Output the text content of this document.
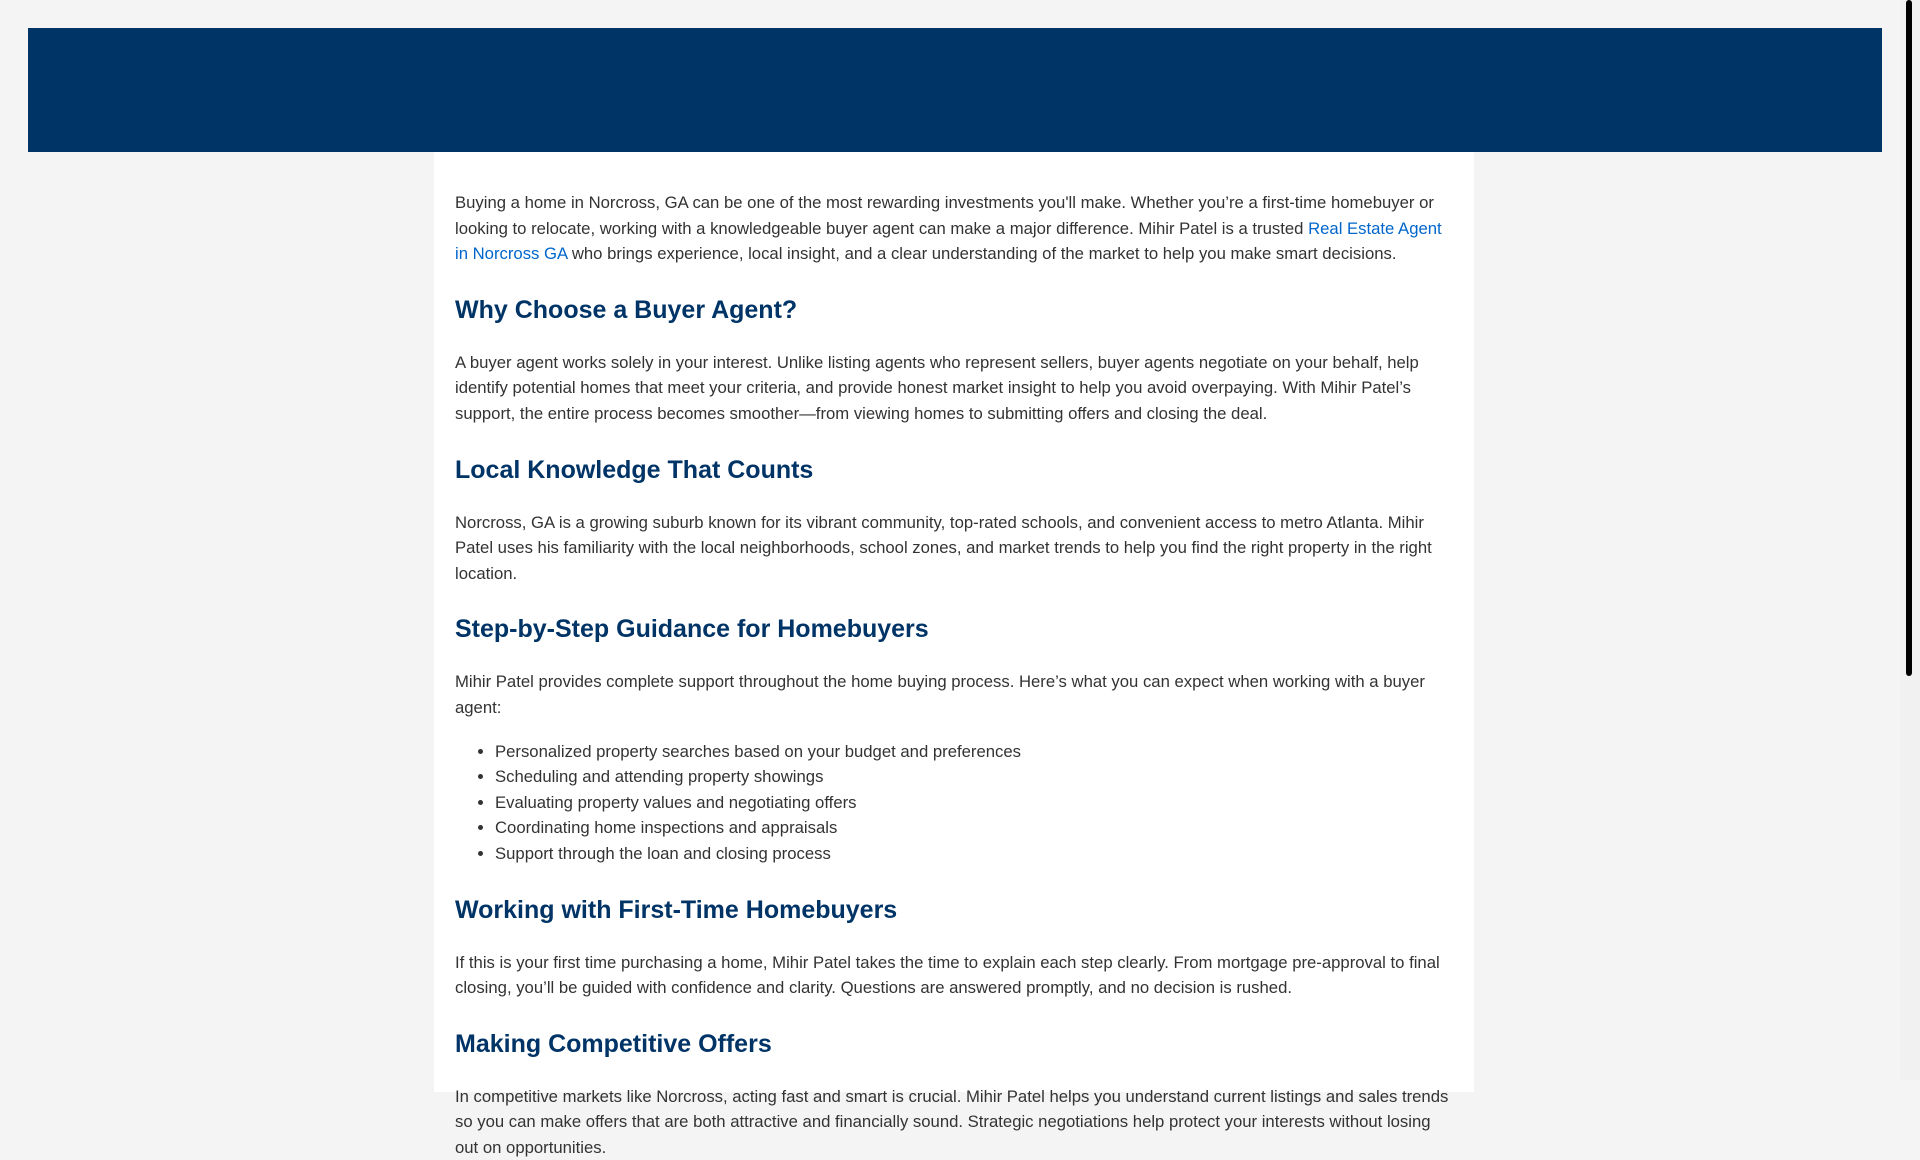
Buying a home in Norcross, GA can be one of the most rewarding investments you'll make. Whether you’re a first-time homebuyer or looking to relocate, working with a knowledgeable buyer agent can make a major difference. Mihir Patel is a trusted Real Estate Agent in Norcross GA who brings experience, local insight, and a clear understanding of the market to help you make smart decisions.

Why Choose a Buyer Agent?

A buyer agent works solely in your interest. Unlike listing agents who represent sellers, buyer agents negotiate on your behalf, help identify potential homes that meet your criteria, and provide honest market insight to help you avoid overpaying. With Mihir Patel’s support, the entire process becomes smoother—from viewing homes to submitting offers and closing the deal.

Local Knowledge That Counts

Norcross, GA is a growing suburb known for its vibrant community, top-rated schools, and convenient access to metro Atlanta. Mihir Patel uses his familiarity with the local neighborhoods, school zones, and market trends to help you find the right property in the right location.

Step-by-Step Guidance for Homebuyers

Mihir Patel provides complete support throughout the home buying process. Here’s what you can expect when working with a buyer agent:

• Personalized property searches based on your budget and preferences
• Scheduling and attending property showings
• Evaluating property values and negotiating offers
• Coordinating home inspections and appraisals
• Support through the loan and closing process
Working with First-Time Homebuyers

If this is your first time purchasing a home, Mihir Patel takes the time to explain each step clearly. From mortgage pre-approval to final closing, you’ll be guided with confidence and clarity. Questions are answered promptly, and no decision is rushed.

Making Competitive Offers

In competitive markets like Norcross, acting fast and smart is crucial. Mihir Patel helps you understand current listings and sales trends so you can make offers that are both attractive and financially sound. Strategic negotiations help protect your interests without losing out on opportunities.
